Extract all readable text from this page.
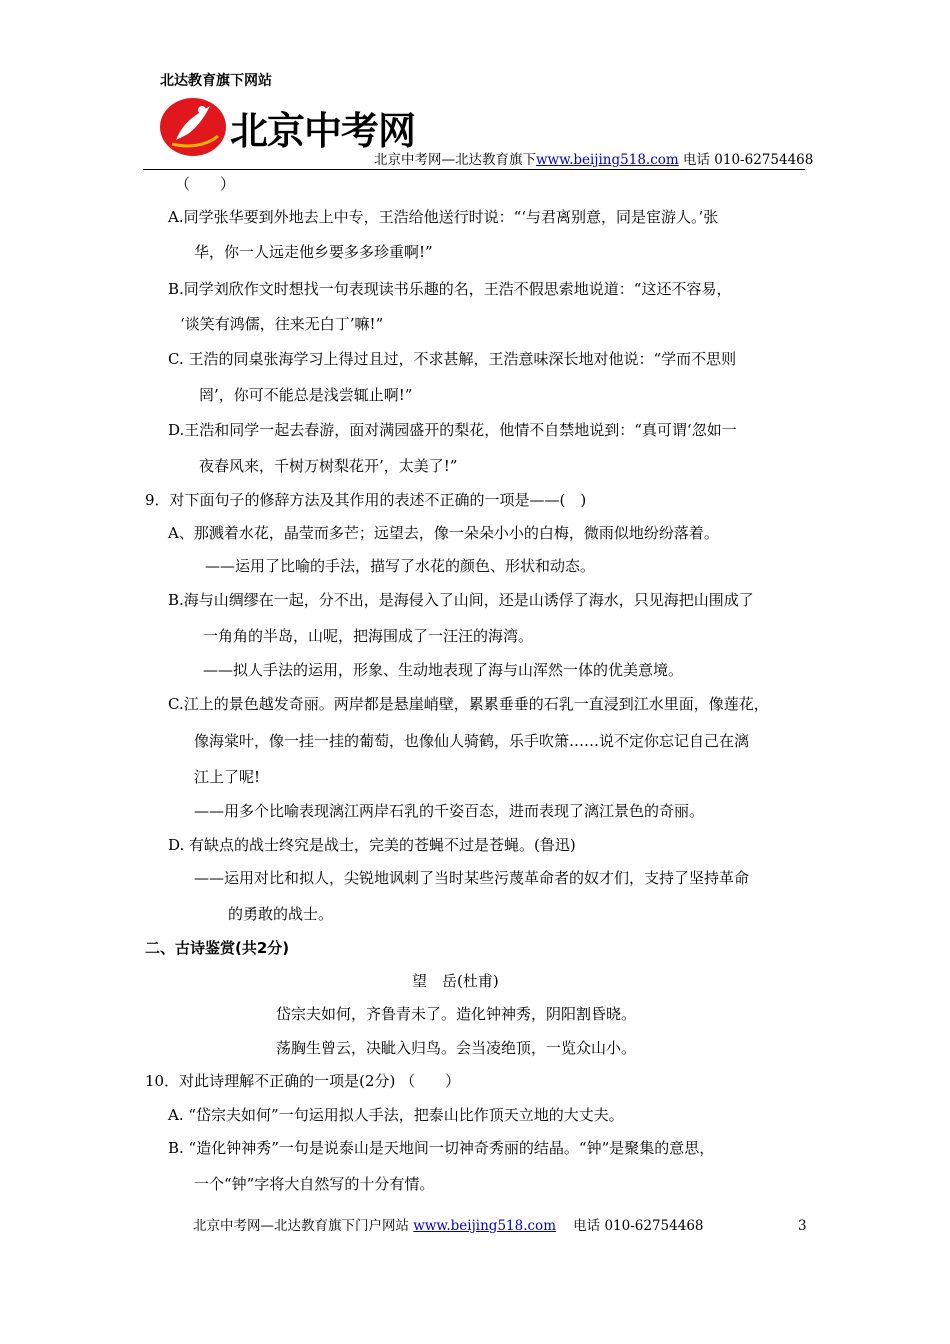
北达教育旗下网站
北京中考网
北京中考网—北达教育旗下www.beijing518.com 电话 010-62754468
（　　）
A.同学张华要到外地去上中专，王浩给他送行时说：“‘与君离别意，同是宦游人。’张
华，你一人远走他乡要多多珍重啊!”
B.同学刘欣作文时想找一句表现读书乐趣的名，王浩不假思索地说道：“这还不容易，
‘谈笑有鸿儒，往来无白丁’嘛!”
C. 王浩的同桌张海学习上得过且过，不求甚解，王浩意味深长地对他说：“学而不思则
罔’，你可不能总是浅尝辄止啊!”
D.王浩和同学一起去春游，面对满园盛开的梨花，他情不自禁地说到：“真可谓‘忽如一
夜春风来，千树万树梨花开’，太美了!”
9．对下面句子的修辞方法及其作用的表述不正确的一项是——(　)
A、那溅着水花，晶莹而多芒；远望去，像一朵朵小小的白梅，微雨似地纷纷落着。
——运用了比喻的手法，描写了水花的颜色、形状和动态。
B.海与山绸缪在一起，分不出，是海侵入了山间，还是山诱俘了海水，只见海把山围成了
一角角的半岛，山呢，把海围成了一汪汪的海湾。
——拟人手法的运用，形象、生动地表现了海与山浑然一体的优美意境。
C.江上的景色越发奇丽。两岸都是悬崖峭壁，累累垂垂的石乳一直浸到江水里面，像莲花，
像海棠叶，像一挂一挂的葡萄，也像仙人骑鹤，乐手吹箫……说不定你忘记自己在漓
江上了呢!
——用多个比喻表现漓江两岸石乳的千姿百态，进而表现了漓江景色的奇丽。
D. 有缺点的战士终究是战士，完美的苍蝇不过是苍蝇。(鲁迅)
——运用对比和拟人，尖锐地讽刺了当时某些污蔑革命者的奴才们，支持了坚持革命
的勇敢的战士。
二、古诗鉴赏(共2分)
望　岳(杜甫)
岱宗夫如何，齐鲁青未了。造化钟神秀，阴阳割昏晓。
荡胸生曾云，决眦入归鸟。会当凌绝顶，一览众山小。
10．对此诗理解不正确的一项是(2分) （　　）
A. “岱宗夫如何”一句运用拟人手法，把泰山比作顶天立地的大丈夫。
B. “造化钟神秀”一句是说泰山是天地间一切神奇秀丽的结晶。“钟”是聚集的意思，
一个“钟”字将大自然写的十分有情。
北京中考网—北达教育旗下门户网站 www.beijing518.com 电话 010-62754468	3
